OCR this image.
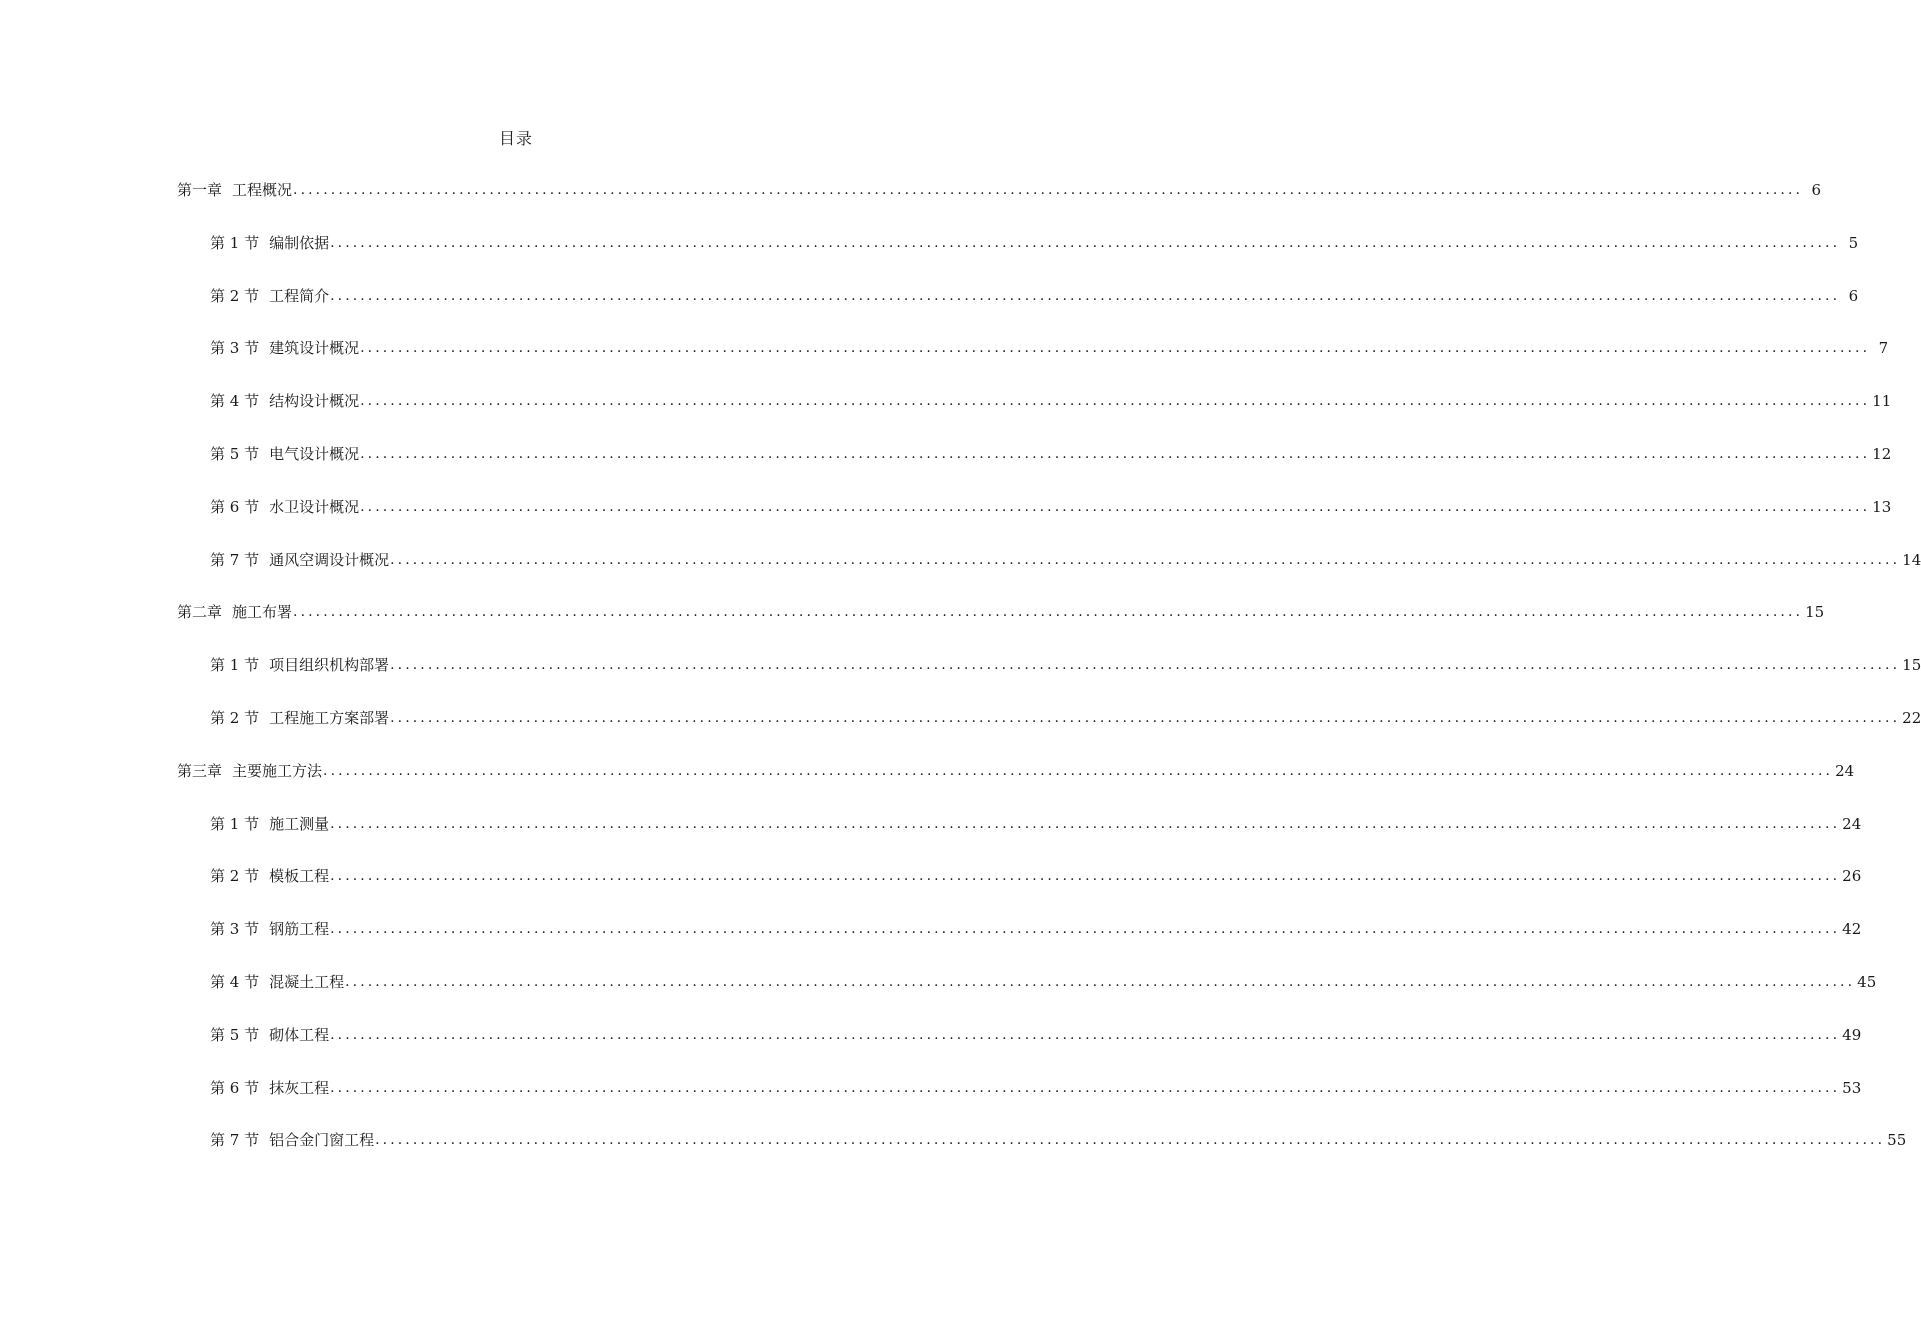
目录
第一章 工程概况 ........................................................................................................................................................................................................ 6
第 1 节 编制依据 ........................................................................................................................................................................................................ 5
第 2 节 工程简介 ........................................................................................................................................................................................................ 6
第 3 节 建筑设计概况 ........................................................................................................................................................................................................ 7
第 4 节 结构设计概况 ........................................................................................................................................................................................................ 11
第 5 节 电气设计概况 ........................................................................................................................................................................................................ 12
第 6 节 水卫设计概况 ........................................................................................................................................................................................................ 13
第 7 节 通风空调设计概况 ........................................................................................................................................................................................................ 14
第二章 施工布署 ........................................................................................................................................................................................................ 15
第 1 节 项目组织机构部署 ........................................................................................................................................................................................................ 15
第 2 节 工程施工方案部署 ........................................................................................................................................................................................................ 22
第三章 主要施工方法 ........................................................................................................................................................................................................ 24
第 1 节 施工测量 ........................................................................................................................................................................................................ 24
第 2 节 模板工程 ........................................................................................................................................................................................................ 26
第 3 节 钢筋工程 ........................................................................................................................................................................................................ 42
第 4 节 混凝土工程 ........................................................................................................................................................................................................ 45
第 5 节 砌体工程 ........................................................................................................................................................................................................ 49
第 6 节 抹灰工程 ........................................................................................................................................................................................................ 53
第 7 节 铝合金门窗工程 ........................................................................................................................................................................................................ 55
